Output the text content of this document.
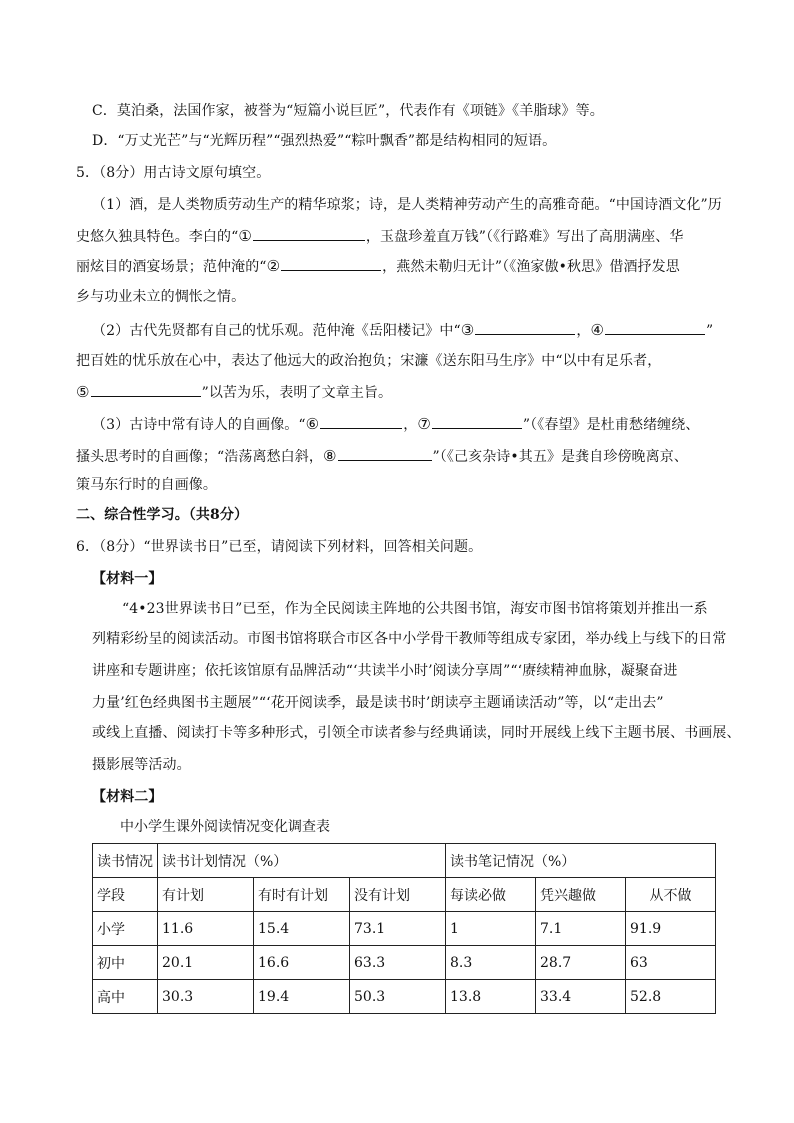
C．莫泊桑，法国作家，被誉为“短篇小说巨匠”，代表作有《项链》《羊脂球》等。
D．“万丈光芒”与“光辉历程”“强烈热爱”“粽叶飘香”都是结构相同的短语。
5．（8分）用古诗文原句填空。
（1）酒，是人类物质劳动生产的精华琼浆；诗，是人类精神劳动产生的高雅奇葩。“中国诗酒文化”历
史悠久独具特色。李白的“①	，玉盘珍羞直万钱”（《行路难》写出了高朋满座、华
丽炫目的酒宴场景；范仲淹的“②	，燕然未勒归无计”（《渔家傲•秋思》借酒抒发思
乡与功业未立的惆怅之情。
（2）古代先贤都有自己的忧乐观。范仲淹《岳阳楼记》中“③	，④	”
把百姓的忧乐放在心中，表达了他远大的政治抱负；宋濂《送东阳马生序》中“以中有足乐者，
⑤	”以苦为乐，表明了文章主旨。
（3）古诗中常有诗人的自画像。“⑥	，⑦	”（《春望》是杜甫愁绪缠绕、
搔头思考时的自画像；“浩荡离愁白斜，⑧	”（《己亥杂诗•其五》是龚自珍傍晚离京、
策马东行时的自画像。
二、综合性学习。（共8分）
6．（8分）“世界读书日”已至，请阅读下列材料，回答相关问题。
【材料一】
“4•23世界读书日”已至，作为全民阅读主阵地的公共图书馆，海安市图书馆将策划并推出一系
列精彩纷呈的阅读活动。市图书馆将联合市区各中小学骨干教师等组成专家团，举办线上与线下的日常
讲座和专题讲座；依托该馆原有品牌活动“‘共读半小时’阅读分享周”“‘赓续精神血脉，凝聚奋进
力量’红色经典图书主题展”“‘花开阅读季，最是读书时’朗读亭主题诵读活动”等，以“走出去”
或线上直播、阅读打卡等多种形式，引领全市读者参与经典诵读，同时开展线上线下主题书展、书画展、
摄影展等活动。
【材料二】
中小学生课外阅读情况变化调查表
读书情况	读书计划情况（%）			读书笔记情况（%）		
学段	有计划	有时有计划	没有计划	每读必做	凭兴趣做	从不做
小学	11.6	15.4	73.1	1	7.1	91.9
初中	20.1	16.6	63.3	8.3	28.7	63
高中	30.3	19.4	50.3	13.8	33.4	52.8
